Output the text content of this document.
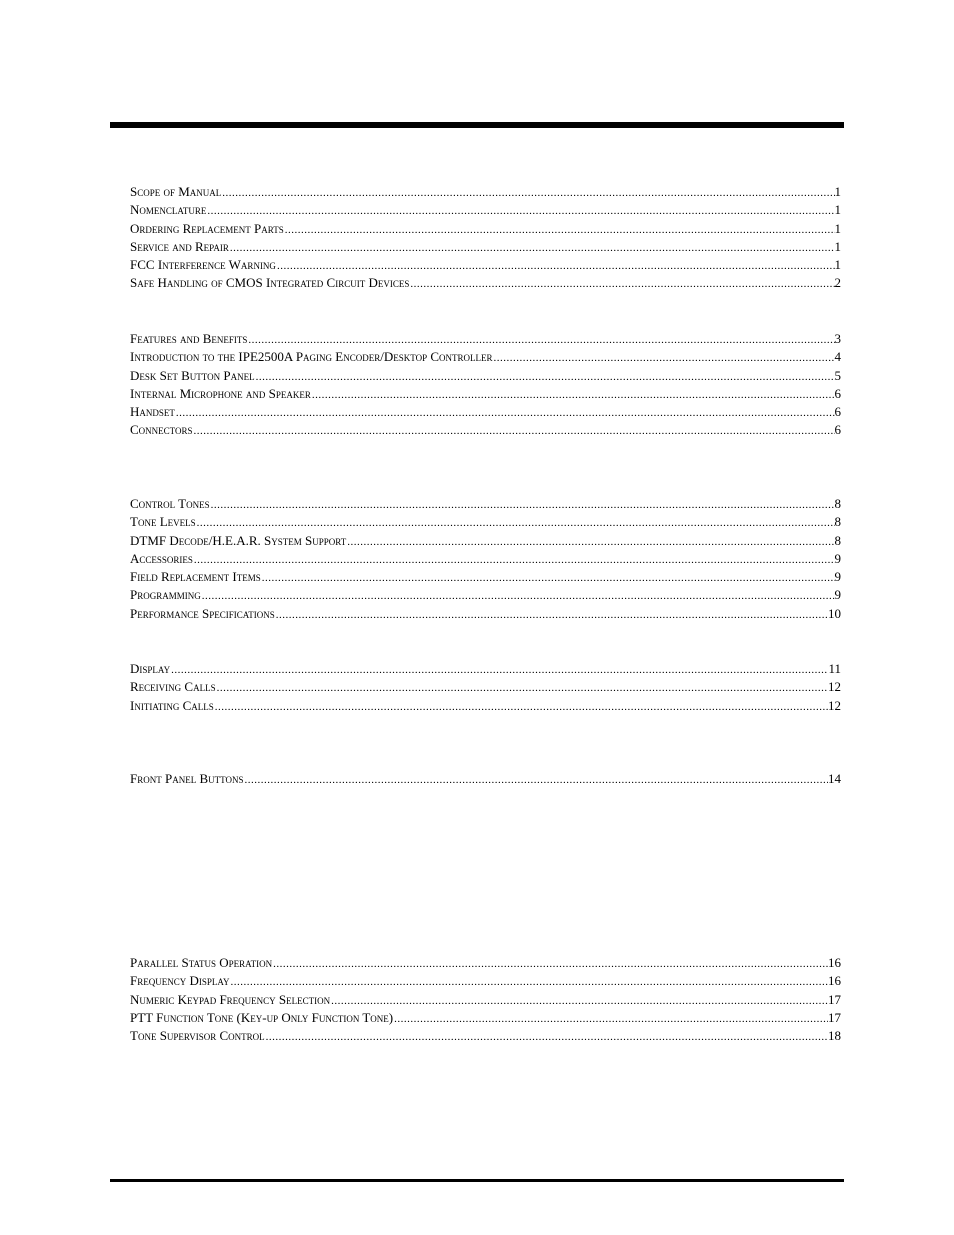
Scope of Manual .....	1
Nomenclature .....	1
Ordering Replacement Parts .....	1
Service and Repair .....	1
FCC Interference Warning .....	1
Safe Handling of CMOS Integrated Circuit Devices .....	2
Features and Benefits .....	3
Introduction to the IPE2500A Paging Encoder/Desktop Controller .....	4
Desk Set Button Panel .....	5
Internal Microphone and Speaker .....	6
Handset .....	6
Connectors .....	6
Control Tones .....	8
Tone Levels .....	8
DTMF Decode/H.E.A.R. System Support .....	8
Accessories .....	9
Field Replacement Items .....	9
Programming .....	9
Performance Specifications .....	10
Display .....	11
Receiving Calls .....	12
Initiating Calls .....	12
Front Panel Buttons .....	14
Parallel Status Operation .....	16
Frequency Display .....	16
Numeric Keypad Frequency Selection .....	17
PTT Function Tone (Key-up Only Function Tone) .....	17
Tone Supervisor Control .....	18
